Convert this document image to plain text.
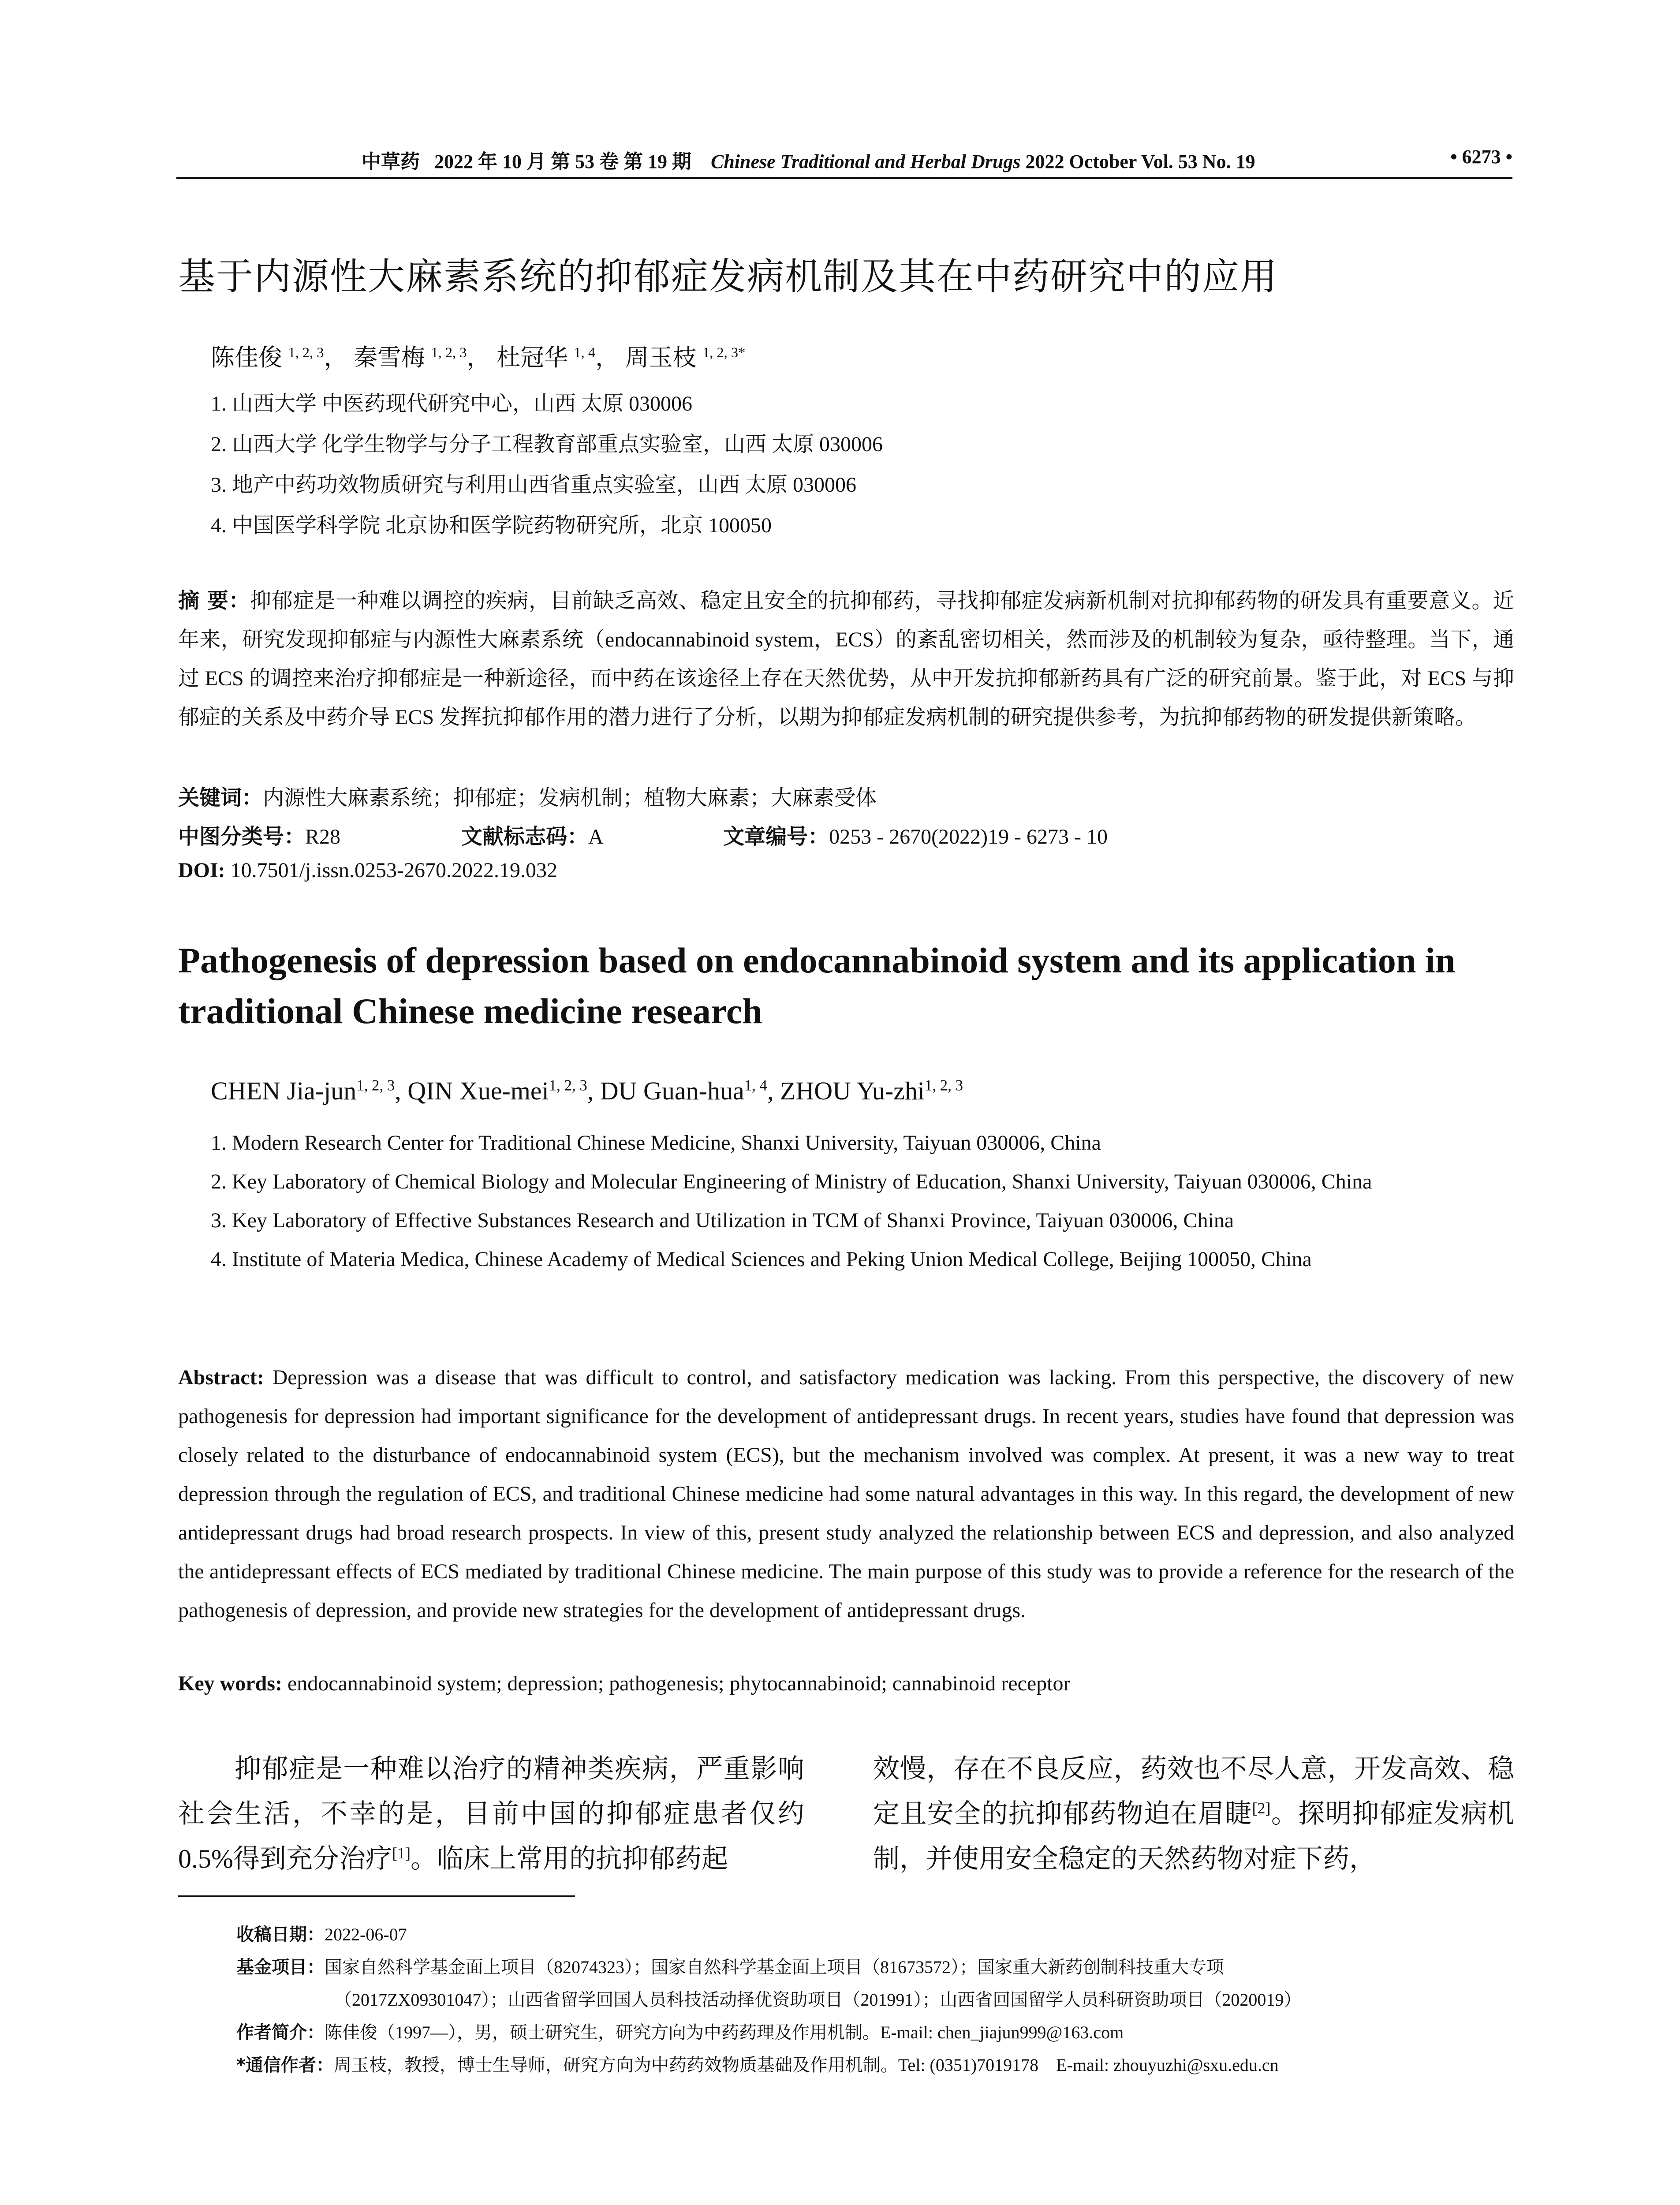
中草药 2022 年 10 月 第 53 卷 第 19 期 Chinese Traditional and Herbal Drugs 2022 October Vol. 53 No. 19	• 6273 •
基于内源性大麻素系统的抑郁症发病机制及其在中药研究中的应用
陈佳俊 $^{1, 2, 3}$， 秦雪梅 $^{1, 2, 3}$， 杜冠华 $^{1, 4}$， 周玉枝 $^{1, 2, 3*}$
1. 山西大学 中医药现代研究中心，山西 太原 030006
2. 山西大学 化学生物学与分子工程教育部重点实验室，山西 太原 030006
3. 地产中药功效物质研究与利用山西省重点实验室，山西 太原 030006
4. 中国医学科学院 北京协和医学院药物研究所，北京 100050
摘 要：抑郁症是一种难以调控的疾病，目前缺乏高效、稳定且安全的抗抑郁药，寻找抑郁症发病新机制对抗抑郁药物的研发具有重要意义。近年来，研究发现抑郁症与内源性大麻素系统（endocannabinoid system，ECS）的紊乱密切相关，然而涉及的机制较为复杂，亟待整理。当下，通过 ECS 的调控来治疗抑郁症是一种新途径，而中药在该途径上存在天然优势，从中开发抗抑郁新药具有广泛的研究前景。鉴于此，对 ECS 与抑郁症的关系及中药介导 ECS 发挥抗抑郁作用的潜力进行了分析，以期为抑郁症发病机制的研究提供参考，为抗抑郁药物的研发提供新策略。
关键词：内源性大麻素系统；抑郁症；发病机制；植物大麻素；大麻素受体
中图分类号：R28	文献标志码：A	文章编号：0253 - 2670(2022)19 - 6273 - 10
DOI: 10.7501/j.issn.0253-2670.2022.19.032
Pathogenesis of depression based on endocannabinoid system and its application in traditional Chinese medicine research
CHEN Jia-jun$^{1, 2, 3}$, QIN Xue-mei$^{1, 2, 3}$, DU Guan-hua$^{1, 4}$, ZHOU Yu-zhi$^{1, 2, 3}$
1. Modern Research Center for Traditional Chinese Medicine, Shanxi University, Taiyuan 030006, China
2. Key Laboratory of Chemical Biology and Molecular Engineering of Ministry of Education, Shanxi University, Taiyuan 030006, China
3. Key Laboratory of Effective Substances Research and Utilization in TCM of Shanxi Province, Taiyuan 030006, China
4. Institute of Materia Medica, Chinese Academy of Medical Sciences and Peking Union Medical College, Beijing 100050, China
Abstract: Depression was a disease that was difficult to control, and satisfactory medication was lacking. From this perspective, the discovery of new pathogenesis for depression had important significance for the development of antidepressant drugs. In recent years, studies have found that depression was closely related to the disturbance of endocannabinoid system (ECS), but the mechanism involved was complex. At present, it was a new way to treat depression through the regulation of ECS, and traditional Chinese medicine had some natural advantages in this way. In this regard, the development of new antidepressant drugs had broad research prospects. In view of this, present study analyzed the relationship between ECS and depression, and also analyzed the antidepressant effects of ECS mediated by traditional Chinese medicine. The main purpose of this study was to provide a reference for the research of the pathogenesis of depression, and provide new strategies for the development of antidepressant drugs.
Key words: endocannabinoid system; depression; pathogenesis; phytocannabinoid; cannabinoid receptor
抑郁症是一种难以治疗的精神类疾病，严重影响社会生活，不幸的是，目前中国的抑郁症患者仅约 0.5%得到充分治疗[1]。临床上常用的抗抑郁药起
效慢，存在不良反应，药效也不尽人意，开发高效、稳定且安全的抗抑郁药物迫在眉睫[2]。探明抑郁症发病机制，并使用安全稳定的天然药物对症下药，
收稿日期：2022-06-07
基金项目：国家自然科学基金面上项目（82074323）；国家自然科学基金面上项目（81673572）；国家重大新药创制科技重大专项
（2017ZX09301047）；山西省留学回国人员科技活动择优资助项目（201991）；山西省回国留学人员科研资助项目（2020019）
作者简介：陈佳俊（1997—），男，硕士研究生，研究方向为中药药理及作用机制。E-mail: chen_jiajun999@163.com
*通信作者：周玉枝，教授，博士生导师，研究方向为中药药效物质基础及作用机制。Tel: (0351)7019178　E-mail: zhouyuzhi@sxu.edu.cn
